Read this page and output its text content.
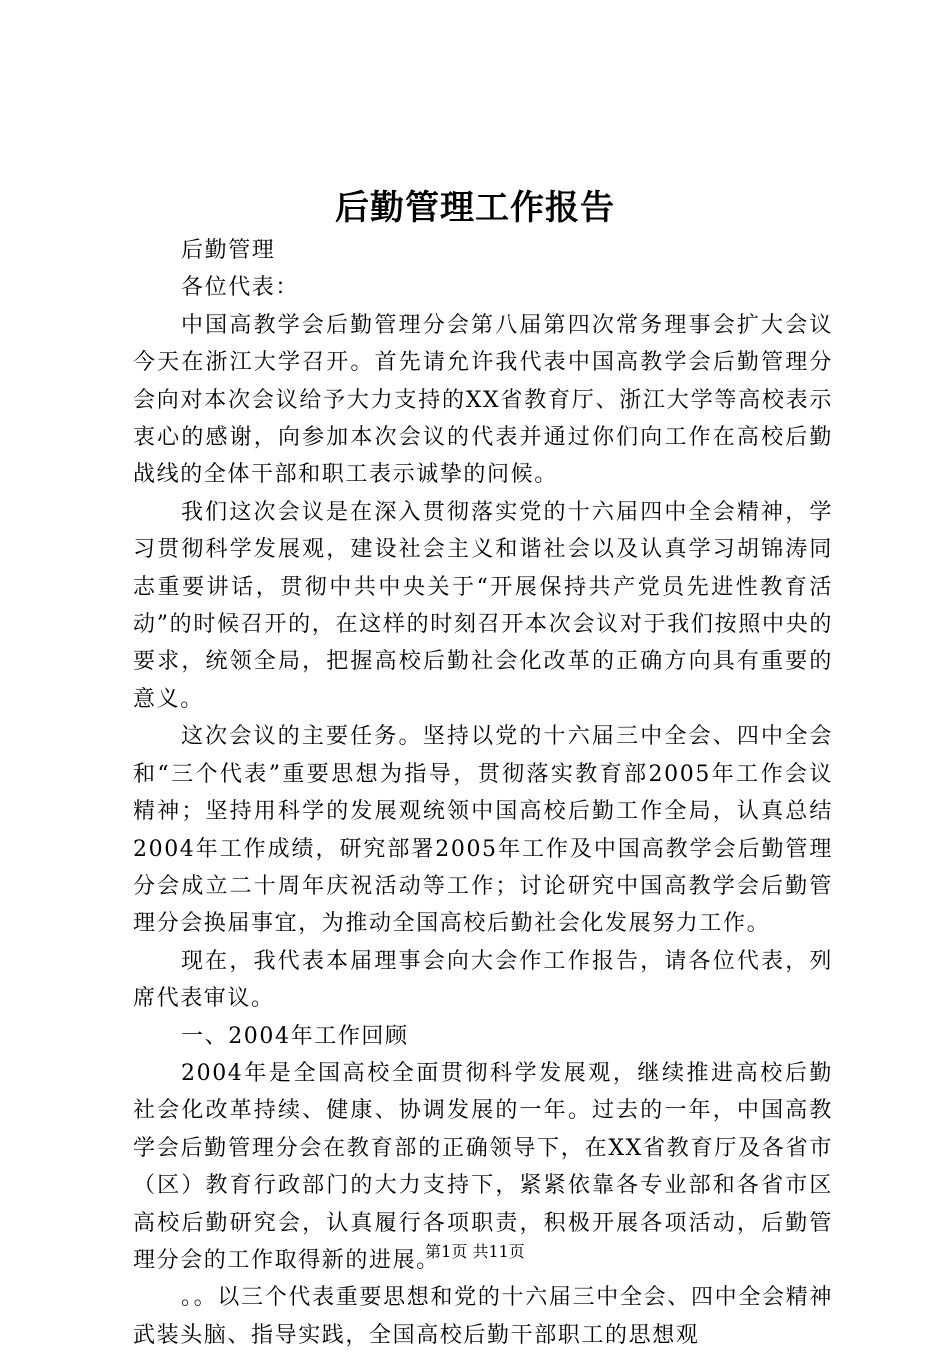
后勤管理工作报告

后勤管理

各位代表：

中国高教学会后勤管理分会第八届第四次常务理事会扩大会议今天在浙江大学召开。首先请允许我代表中国高教学会后勤管理分会向对本次会议给予大力支持的XX省教育厅、浙江大学等高校表示衷心的感谢，向参加本次会议的代表并通过你们向工作在高校后勤战线的全体干部和职工表示诚挚的问候。

我们这次会议是在深入贯彻落实党的十六届四中全会精神，学习贯彻科学发展观，建设社会主义和谐社会以及认真学习胡锦涛同志重要讲话，贯彻中共中央关于“开展保持共产党员先进性教育活动”的时候召开的，在这样的时刻召开本次会议对于我们按照中央的要求，统领全局，把握高校后勤社会化改革的正确方向具有重要的意义。

这次会议的主要任务。坚持以党的十六届三中全会、四中全会和“三个代表”重要思想为指导，贯彻落实教育部2005年工作会议精神；坚持用科学的发展观统领中国高校后勤工作全局，认真总结2004年工作成绩，研究部署2005年工作及中国高教学会后勤管理分会成立二十周年庆祝活动等工作；讨论研究中国高教学会后勤管理分会换届事宜，为推动全国高校后勤社会化发展努力工作。

现在，我代表本届理事会向大会作工作报告，请各位代表，列席代表审议。

一、2004年工作回顾

2004年是全国高校全面贯彻科学发展观，继续推进高校后勤社会化改革持续、健康、协调发展的一年。过去的一年，中国高教学会后勤管理分会在教育部的正确领导下，在XX省教育厅及各省市（区）教育行政部门的大力支持下，紧紧依靠各专业部和各省市区高校后勤研究会，认真履行各项职责，积极开展各项活动，后勤管理分会的工作取得新的进展。

。。以三个代表重要思想和党的十六届三中全会、四中全会精神武装头脑、指导实践，全国高校后勤干部职工的思想观

第1页 共11页
